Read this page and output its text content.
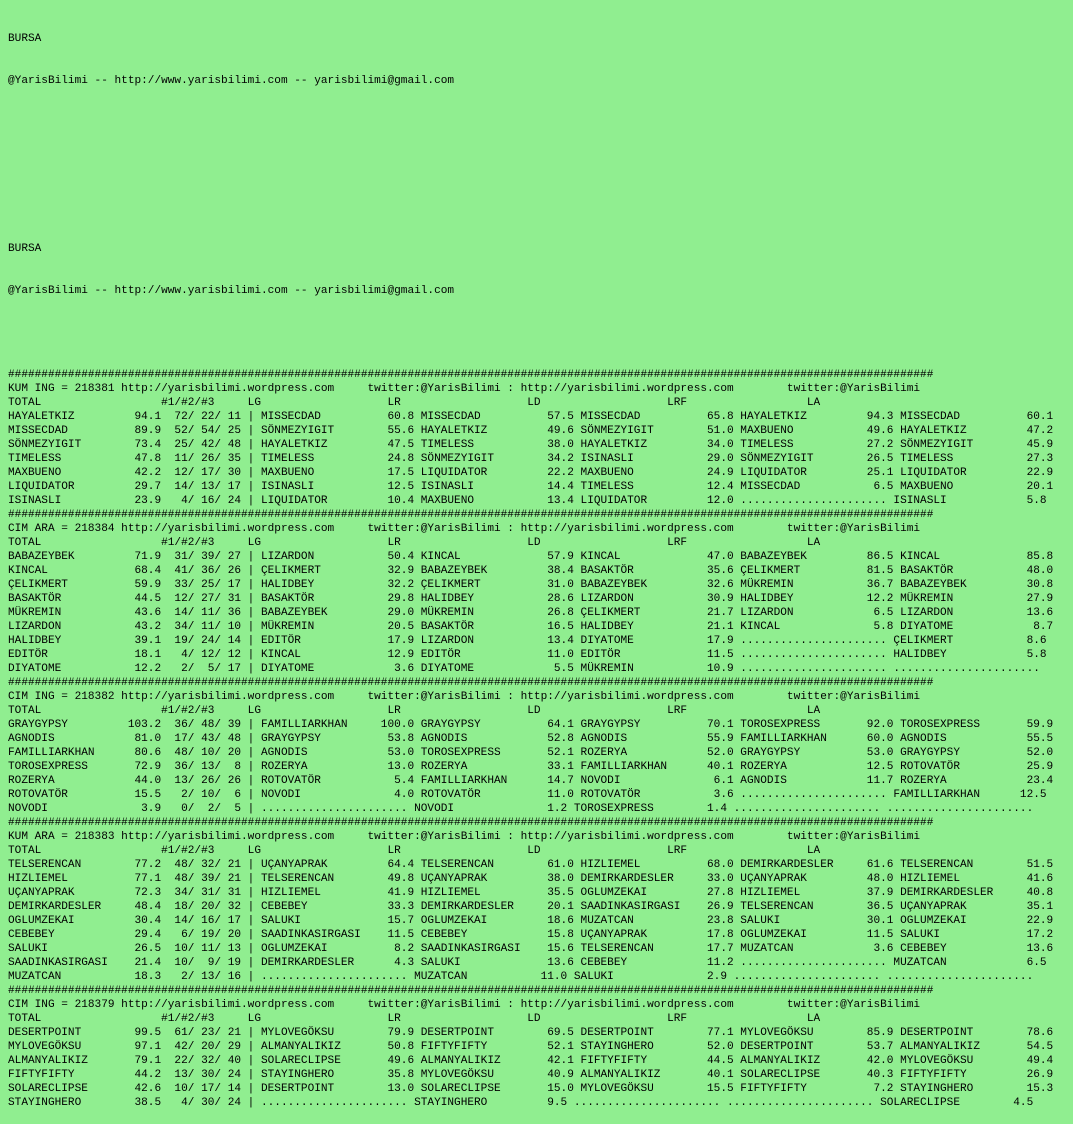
BURSA

@YarisBilimi -- http://www.yarisbilimi.com -- yarisbilimi@gmail.com

BURSA

@YarisBilimi -- http://www.yarisbilimi.com -- yarisbilimi@gmail.com

###########################################################################################################################################
KUM ING = 218381 http://yarisbilimi.wordpress.com     twitter:@YarisBilimi : http://yarisbilimi.wordpress.com        twitter:@YarisBilimi
TOTAL                  #1/#2/#3     LG                   LR                   LD                   LRF                  LA
HAYALETKIZ         94.1  72/ 22/ 11 | MISSECDAD          60.8 MISSECDAD          57.5 MISSECDAD          65.8 HAYALETKIZ         94.3 MISSECDAD          60.1
MISSECDAD          89.9  52/ 54/ 25 | SÖNMEZYIGIT        55.6 HAYALETKIZ         49.6 SÖNMEZYIGIT        51.0 MAXBUENO           49.6 HAYALETKIZ         47.2
SÖNMEZYIGIT        73.4  25/ 42/ 48 | HAYALETKIZ         47.5 TIMELESS           38.0 HAYALETKIZ         34.0 TIMELESS           27.2 SÖNMEZYIGIT        45.9
TIMELESS           47.8  11/ 26/ 35 | TIMELESS           24.8 SÖNMEZYIGIT        34.2 ISINASLI           29.0 SÖNMEZYIGIT        26.5 TIMELESS           27.3
MAXBUENO           42.2  12/ 17/ 30 | MAXBUENO           17.5 LIQUIDATOR         22.2 MAXBUENO           24.9 LIQUIDATOR         25.1 LIQUIDATOR         22.9
LIQUIDATOR         29.7  14/ 13/ 17 | ISINASLI           12.5 ISINASLI           14.4 TIMELESS           12.4 MISSECDAD           6.5 MAXBUENO           20.1
ISINASLI           23.9   4/ 16/ 24 | LIQUIDATOR         10.4 MAXBUENO           13.4 LIQUIDATOR         12.0 ...................... ISINASLI            5.8
###########################################################################################################################################
CIM ARA = 218384 http://yarisbilimi.wordpress.com     twitter:@YarisBilimi : http://yarisbilimi.wordpress.com        twitter:@YarisBilimi
TOTAL                  #1/#2/#3     LG                   LR                   LD                   LRF                  LA
BABAZEYBEK         71.9  31/ 39/ 27 | LIZARDON           50.4 KINCAL             57.9 KINCAL             47.0 BABAZEYBEK         86.5 KINCAL             85.8
KINCAL             68.4  41/ 36/ 26 | ÇELIKMERT          32.9 BABAZEYBEK         38.4 BASAKTÖR           35.6 ÇELIKMERT          81.5 BASAKTÖR           48.0
ÇELIKMERT          59.9  33/ 25/ 17 | HALIDBEY           32.2 ÇELIKMERT          31.0 BABAZEYBEK         32.6 MÜKREMIN           36.7 BABAZEYBEK         30.8
BASAKTÖR           44.5  12/ 27/ 31 | BASAKTÖR           29.8 HALIDBEY           28.6 LIZARDON           30.9 HALIDBEY           12.2 MÜKREMIN           27.9
MÜKREMIN           43.6  14/ 11/ 36 | BABAZEYBEK         29.0 MÜKREMIN           26.8 ÇELIKMERT          21.7 LIZARDON            6.5 LIZARDON           13.6
LIZARDON           43.2  34/ 11/ 10 | MÜKREMIN           20.5 BASAKTÖR           16.5 HALIDBEY           21.1 KINCAL              5.8 DIYATOME            8.7
HALIDBEY           39.1  19/ 24/ 14 | EDITÖR             17.9 LIZARDON           13.4 DIYATOME           17.9 ...................... ÇELIKMERT           8.6
EDITÖR             18.1   4/ 12/ 12 | KINCAL             12.9 EDITÖR             11.0 EDITÖR             11.5 ...................... HALIDBEY            5.8
DIYATOME           12.2   2/  5/ 17 | DIYATOME            3.6 DIYATOME            5.5 MÜKREMIN           10.9 ...................... ......................
###########################################################################################################################################
CIM ING = 218382 http://yarisbilimi.wordpress.com     twitter:@YarisBilimi : http://yarisbilimi.wordpress.com        twitter:@YarisBilimi
TOTAL                  #1/#2/#3     LG                   LR                   LD                   LRF                  LA
GRAYGYPSY         103.2  36/ 48/ 39 | FAMILLIARKHAN     100.0 GRAYGYPSY          64.1 GRAYGYPSY          70.1 TOROSEXPRESS       92.0 TOROSEXPRESS       59.9
AGNODIS            81.0  17/ 43/ 48 | GRAYGYPSY          53.8 AGNODIS            52.8 AGNODIS            55.9 FAMILLIARKHAN      60.0 AGNODIS            55.5
FAMILLIARKHAN      80.6  48/ 10/ 20 | AGNODIS            53.0 TOROSEXPRESS       52.1 ROZERYA            52.0 GRAYGYPSY          53.0 GRAYGYPSY          52.0
TOROSEXPRESS       72.9  36/ 13/  8 | ROZERYA            13.0 ROZERYA            33.1 FAMILLIARKHAN      40.1 ROZERYA            12.5 ROTOVATÖR          25.9
ROZERYA            44.0  13/ 26/ 26 | ROTOVATÖR           5.4 FAMILLIARKHAN      14.7 NOVODI              6.1 AGNODIS            11.7 ROZERYA            23.4
ROTOVATÖR          15.5   2/ 10/  6 | NOVODI              4.0 ROTOVATÖR          11.0 ROTOVATÖR           3.6 ...................... FAMILLIARKHAN      12.5
NOVODI              3.9   0/  2/  5 | ...................... NOVODI              1.2 TOROSEXPRESS        1.4 ...................... ......................
###########################################################################################################################################
KUM ARA = 218383 http://yarisbilimi.wordpress.com     twitter:@YarisBilimi : http://yarisbilimi.wordpress.com        twitter:@YarisBilimi
TOTAL                  #1/#2/#3     LG                   LR                   LD                   LRF                  LA
TELSERENCAN        77.2  48/ 32/ 21 | UÇANYAPRAK         64.4 TELSERENCAN        61.0 HIZLIEMEL          68.0 DEMIRKARDESLER     61.6 TELSERENCAN        51.5
HIZLIEMEL          77.1  48/ 39/ 21 | TELSERENCAN        49.8 UÇANYAPRAK         38.0 DEMIRKARDESLER     33.0 UÇANYAPRAK         48.0 HIZLIEMEL          41.6
UÇANYAPRAK         72.3  34/ 31/ 31 | HIZLIEMEL          41.9 HIZLIEMEL          35.5 OGLUMZEKAI         27.8 HIZLIEMEL          37.9 DEMIRKARDESLER     40.8
DEMIRKARDESLER     48.4  18/ 20/ 32 | CEBEBEY            33.3 DEMIRKARDESLER     20.1 SAADINKASIRGASI    26.9 TELSERENCAN        36.5 UÇANYAPRAK         35.1
OGLUMZEKAI         30.4  14/ 16/ 17 | SALUKI             15.7 OGLUMZEKAI         18.6 MUZATCAN           23.8 SALUKI             30.1 OGLUMZEKAI         22.9
CEBEBEY            29.4   6/ 19/ 20 | SAADINKASIRGASI    11.5 CEBEBEY            15.8 UÇANYAPRAK         17.8 OGLUMZEKAI         11.5 SALUKI             17.2
SALUKI             26.5  10/ 11/ 13 | OGLUMZEKAI          8.2 SAADINKASIRGASI    15.6 TELSERENCAN        17.7 MUZATCAN            3.6 CEBEBEY            13.6
SAADINKASIRGASI    21.4  10/  9/ 19 | DEMIRKARDESLER      4.3 SALUKI             13.6 CEBEBEY            11.2 ...................... MUZATCAN            6.5
MUZATCAN           18.3   2/ 13/ 16 | ...................... MUZATCAN           11.0 SALUKI              2.9 ...................... ......................
###########################################################################################################################################
CIM ING = 218379 http://yarisbilimi.wordpress.com     twitter:@YarisBilimi : http://yarisbilimi.wordpress.com        twitter:@YarisBilimi
TOTAL                  #1/#2/#3     LG                   LR                   LD                   LRF                  LA
DESERTPOINT        99.5  61/ 23/ 21 | MYLOVEGÖKSU        79.9 DESERTPOINT        69.5 DESERTPOINT        77.1 MYLOVEGÖKSU        85.9 DESERTPOINT        78.6
MYLOVEGÖKSU        97.1  42/ 20/ 29 | ALMANYALIKIZ       50.8 FIFTYFIFTY         52.1 STAYINGHERO        52.0 DESERTPOINT        53.7 ALMANYALIKIZ       54.5
ALMANYALIKIZ       79.1  22/ 32/ 40 | SOLARECLIPSE       49.6 ALMANYALIKIZ       42.1 FIFTYFIFTY         44.5 ALMANYALIKIZ       42.0 MYLOVEGÖKSU        49.4
FIFTYFIFTY         44.2  13/ 30/ 24 | STAYINGHERO        35.8 MYLOVEGÖKSU        40.9 ALMANYALIKIZ       40.1 SOLARECLIPSE       40.3 FIFTYFIFTY         26.9
SOLARECLIPSE       42.6  10/ 17/ 14 | DESERTPOINT        13.0 SOLARECLIPSE       15.0 MYLOVEGÖKSU        15.5 FIFTYFIFTY          7.2 STAYINGHERO        15.3
STAYINGHERO        38.5   4/ 30/ 24 | ...................... STAYINGHERO         9.5 ...................... ...................... SOLARECLIPSE        4.5
